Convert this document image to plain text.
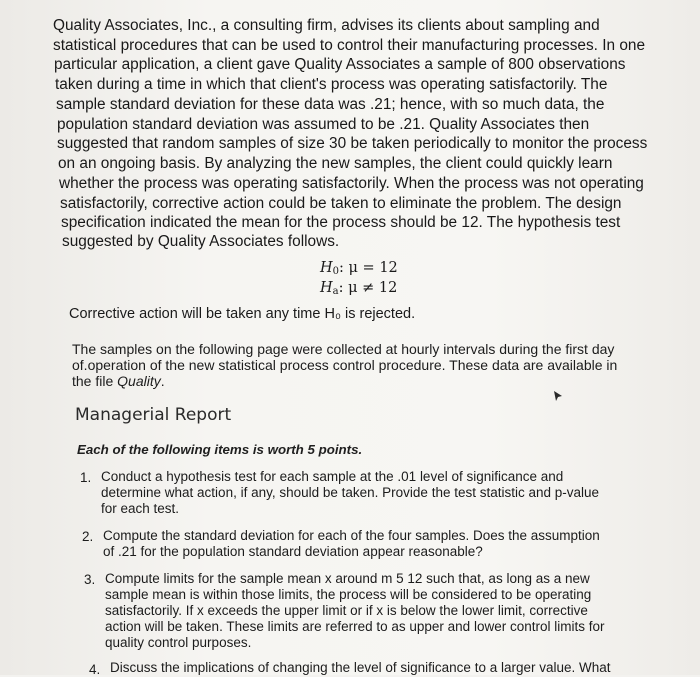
Quality Associates, Inc., a consulting firm, advises its clients about sampling and
statistical procedures that can be used to control their manufacturing processes. In one
particular application, a client gave Quality Associates a sample of 800 observations
taken during a time in which that client's process was operating satisfactorily. The
sample standard deviation for these data was .21; hence, with so much data, the
population standard deviation was assumed to be .21. Quality Associates then
suggested that random samples of size 30 be taken periodically to monitor the process
on an ongoing basis. By analyzing the new samples, the client could quickly learn
whether the process was operating satisfactorily. When the process was not operating
satisfactorily, corrective action could be taken to eliminate the problem. The design
specification indicated the mean for the process should be 12. The hypothesis test
suggested by Quality Associates follows.
$H_0$: μ = 12
$H_a$: μ ≠ 12
Corrective action will be taken any time H₀ is rejected.
The samples on the following page were collected at hourly intervals during the first day
of.operation of the new statistical process control procedure. These data are available in
the file Quality.
Managerial Report
Each of the following items is worth 5 points.
1. Conduct a hypothesis test for each sample at the .01 level of significance and
determine what action, if any, should be taken. Provide the test statistic and p-value
for each test.
2. Compute the standard deviation for each of the four samples. Does the assumption
of .21 for the population standard deviation appear reasonable?
3. Compute limits for the sample mean x around m 5 12 such that, as long as a new
sample mean is within those limits, the process will be considered to be operating
satisfactorily. If x exceeds the upper limit or if x is below the lower limit, corrective
action will be taken. These limits are referred to as upper and lower control limits for
quality control purposes.
4. Discuss the implications of changing the level of significance to a larger value. What
